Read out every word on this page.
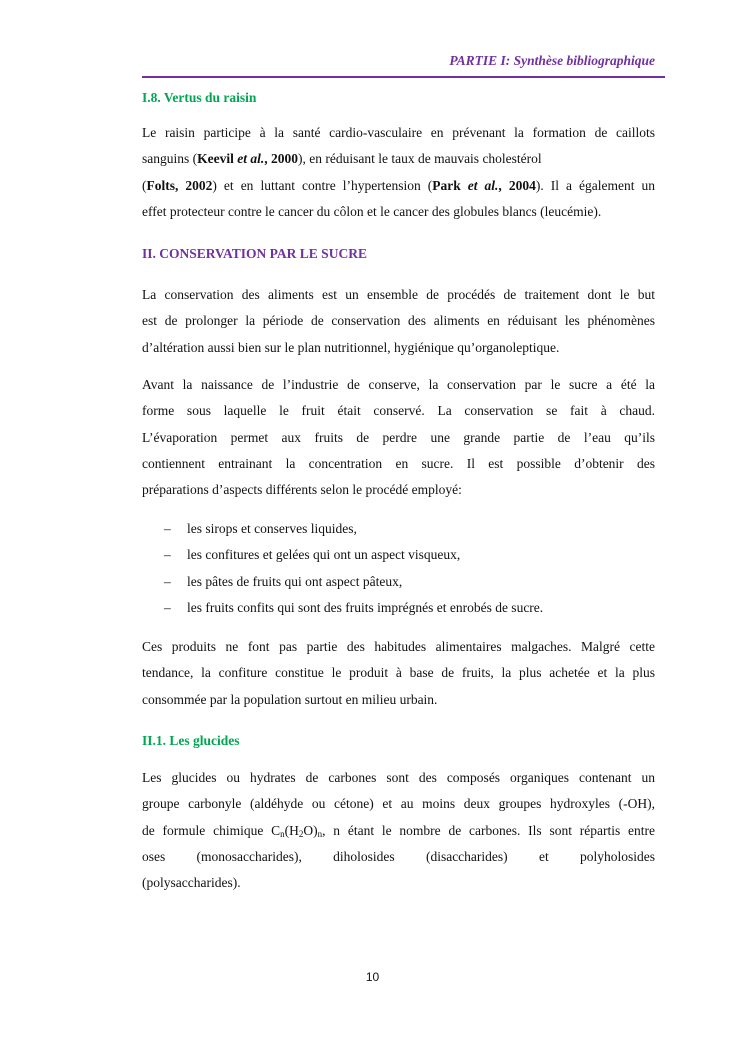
PARTIE I: Synthèse bibliographique
I.8. Vertus du raisin
Le raisin participe à la santé cardio-vasculaire en prévenant la formation de caillots
sanguins (Keevil et al., 2000), en réduisant le taux de mauvais cholestérol
(Folts, 2002) et en luttant contre l’hypertension (Park et al., 2004). Il a également un
effet protecteur contre le cancer du côlon et le cancer des globules blancs (leucémie).
II. CONSERVATION PAR LE SUCRE
La conservation des aliments est un ensemble de procédés de traitement dont le but
est de prolonger la période de conservation des aliments en réduisant les phénomènes
d’altération aussi bien sur le plan nutritionnel, hygiénique qu’organoleptique.
Avant la naissance de l’industrie de conserve, la conservation par le sucre a été la
forme sous laquelle le fruit était conservé. La conservation se fait à chaud.
L’évaporation permet aux fruits de perdre une grande partie de l’eau qu’ils
contiennent entrainant la concentration en sucre. Il est possible d’obtenir des
préparations d’aspects différents selon le procédé employé:
– les sirops et conserves liquides,
– les confitures et gelées qui ont un aspect visqueux,
– les pâtes de fruits qui ont aspect pâteux,
– les fruits confits qui sont des fruits imprégnés et enrobés de sucre.
Ces produits ne font pas partie des habitudes alimentaires malgaches. Malgré cette
tendance, la confiture constitue le produit à base de fruits, la plus achetée et la plus
consommée par la population surtout en milieu urbain.
II.1. Les glucides
Les glucides ou hydrates de carbones sont des composés organiques contenant un
groupe carbonyle (aldéhyde ou cétone) et au moins deux groupes hydroxyles (-OH),
de formule chimique $C_n(H_2O)_n$, n étant le nombre de carbones. Ils sont répartis entre
oses (monosaccharides), diholosides (disaccharides) et polyholosides
(polysaccharides).
10
